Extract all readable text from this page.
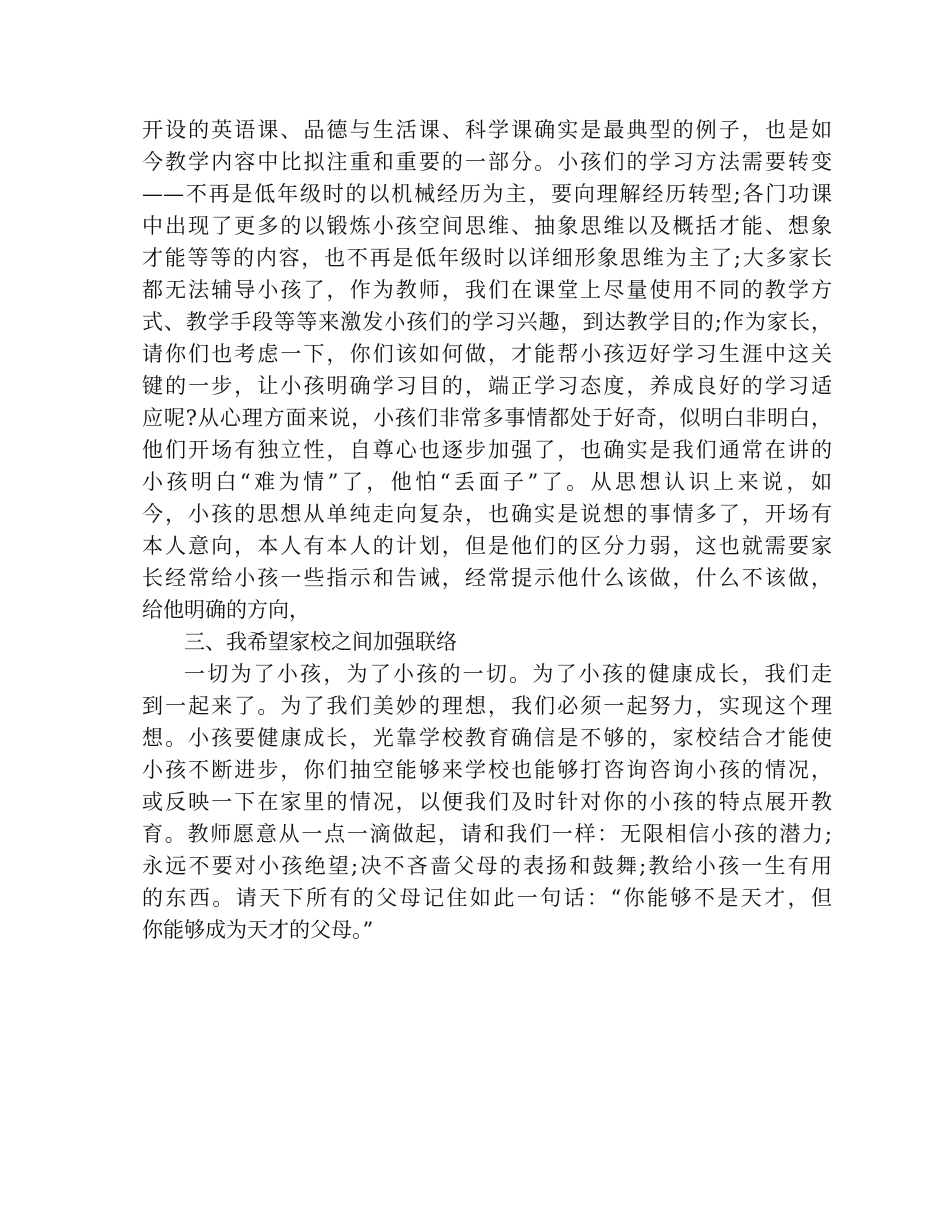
开设的英语课、品德与生活课、科学课确实是最典型的例子，也是如
今教学内容中比拟注重和重要的一部分。小孩们的学习方法需要转变
——不再是低年级时的以机械经历为主，要向理解经历转型;各门功课
中出现了更多的以锻炼小孩空间思维、抽象思维以及概括才能、想象
才能等等的内容，也不再是低年级时以详细形象思维为主了;大多家长
都无法辅导小孩了，作为教师，我们在课堂上尽量使用不同的教学方
式、教学手段等等来激发小孩们的学习兴趣，到达教学目的;作为家长，
请你们也考虑一下，你们该如何做，才能帮小孩迈好学习生涯中这关
键的一步，让小孩明确学习目的，端正学习态度，养成良好的学习适
应呢?从心理方面来说，小孩们非常多事情都处于好奇，似明白非明白，
他们开场有独立性，自尊心也逐步加强了，也确实是我们通常在讲的
小孩明白“难为情”了，他怕“丢面子”了。从思想认识上来说，如
今，小孩的思想从单纯走向复杂，也确实是说想的事情多了，开场有
本人意向，本人有本人的计划，但是他们的区分力弱，这也就需要家
长经常给小孩一些指示和告诫，经常提示他什么该做，什么不该做，
给他明确的方向，
三、我希望家校之间加强联络
一切为了小孩，为了小孩的一切。为了小孩的健康成长，我们走
到一起来了。为了我们美妙的理想，我们必须一起努力，实现这个理
想。小孩要健康成长，光靠学校教育确信是不够的，家校结合才能使
小孩不断进步，你们抽空能够来学校也能够打咨询咨询小孩的情况，
或反映一下在家里的情况，以便我们及时针对你的小孩的特点展开教
育。教师愿意从一点一滴做起，请和我们一样：无限相信小孩的潜力;
永远不要对小孩绝望;决不吝啬父母的表扬和鼓舞;教给小孩一生有用
的东西。请天下所有的父母记住如此一句话：“你能够不是天才，但
你能够成为天才的父母。”
